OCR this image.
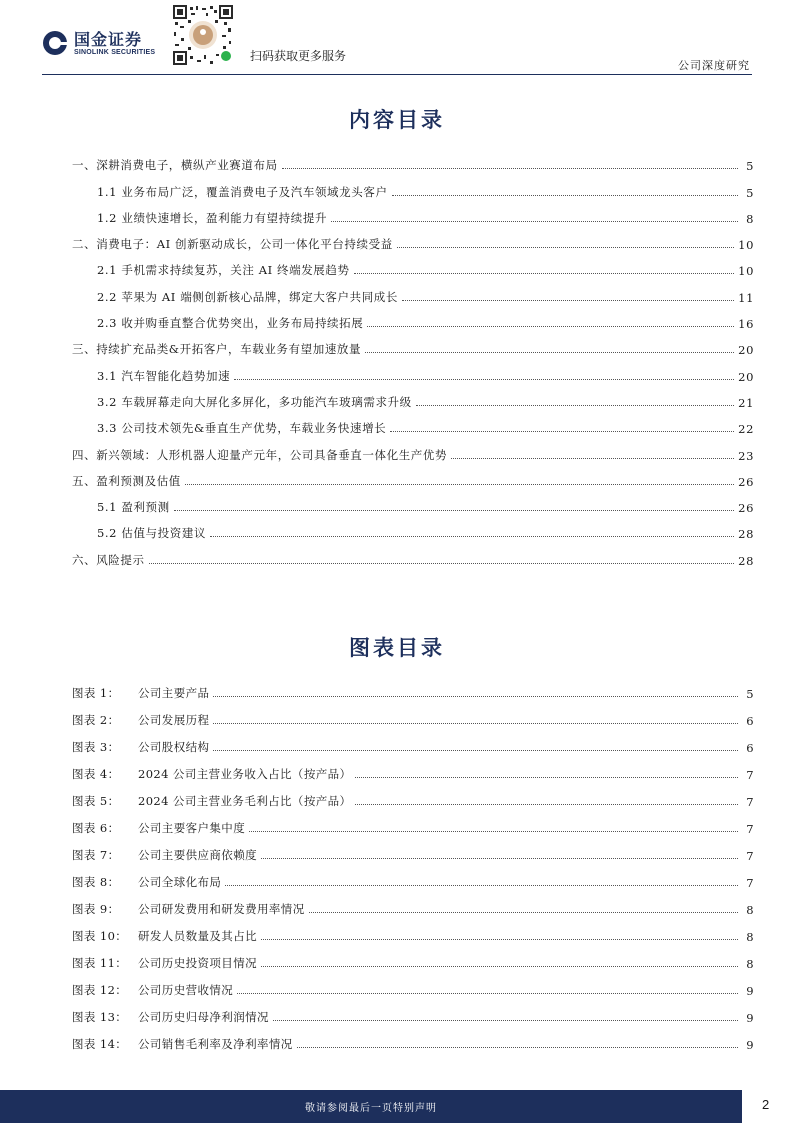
国金证券
SINOLINK SECURITIES	扫码获取更多服务
公司深度研究
内容目录
一、深耕消费电子，横纵产业赛道布局	5
1.1 业务布局广泛，覆盖消费电子及汽车领域龙头客户	5
1.2 业绩快速增长，盈利能力有望持续提升	8
二、消费电子：AI 创新驱动成长，公司一体化平台持续受益	10
2.1 手机需求持续复苏，关注 AI 终端发展趋势	10
2.2 苹果为 AI 端侧创新核心品牌，绑定大客户共同成长	11
2.3 收并购垂直整合优势突出，业务布局持续拓展	16
三、持续扩充品类&开拓客户，车载业务有望加速放量	20
3.1 汽车智能化趋势加速	20
3.2 车载屏幕走向大屏化多屏化，多功能汽车玻璃需求升级	21
3.3 公司技术领先&垂直生产优势，车载业务快速增长	22
四、新兴领域：人形机器人迎量产元年，公司具备垂直一体化生产优势	23
五、盈利预测及估值	26
5.1 盈利预测	26
5.2 估值与投资建议	28
六、风险提示	28
图表目录
图表 1：	公司主要产品	5
图表 2：	公司发展历程	6
图表 3：	公司股权结构	6
图表 4：	2024 公司主营业务收入占比（按产品）	7
图表 5：	2024 公司主营业务毛利占比（按产品）	7
图表 6：	公司主要客户集中度	7
图表 7：	公司主要供应商依赖度	7
图表 8：	公司全球化布局	7
图表 9：	公司研发费用和研发费用率情况	8
图表 10： 研发人员数量及其占比	8
图表 11： 公司历史投资项目情况	8
图表 12： 公司历史营收情况	9
图表 13： 公司历史归母净利润情况	9
图表 14： 公司销售毛利率及净利率情况	9
敬请参阅最后一页特别声明	2
